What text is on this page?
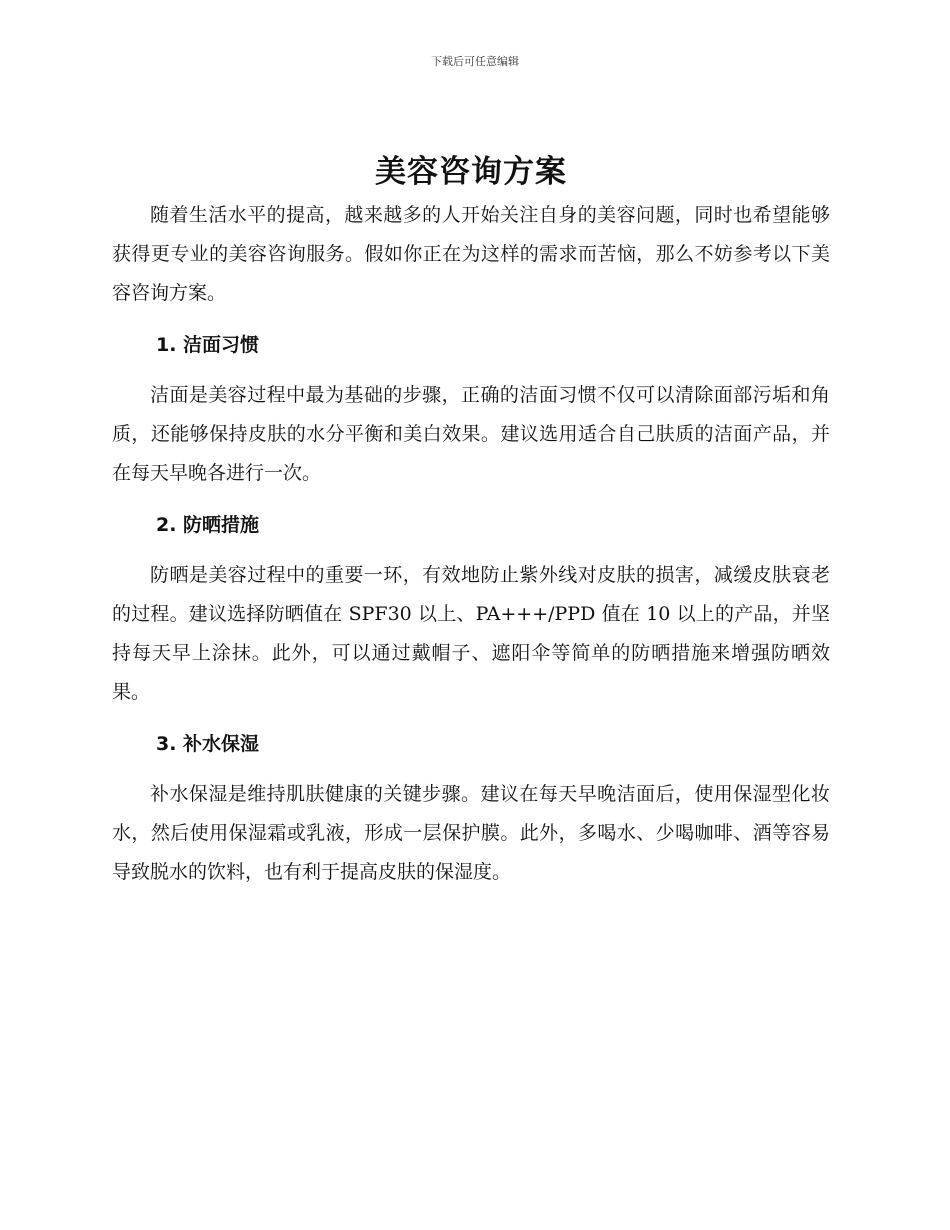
下载后可任意编辑
美容咨询方案

随着生活水平的提高，越来越多的人开始关注自身的美容问题，同时也希望能够获得更专业的美容咨询服务。假如你正在为这样的需求而苦恼，那么不妨参考以下美容咨询方案。

1. 洁面习惯

洁面是美容过程中最为基础的步骤，正确的洁面习惯不仅可以清除面部污垢和角质，还能够保持皮肤的水分平衡和美白效果。建议选用适合自己肤质的洁面产品，并在每天早晚各进行一次。

2. 防晒措施

防晒是美容过程中的重要一环，有效地防止紫外线对皮肤的损害，减缓皮肤衰老的过程。建议选择防晒值在 SPF30 以上、PA+++/PPD 值在 10 以上的产品，并坚持每天早上涂抹。此外，可以通过戴帽子、遮阳伞等简单的防晒措施来增强防晒效果。

3. 补水保湿

补水保湿是维持肌肤健康的关键步骤。建议在每天早晚洁面后，使用保湿型化妆水，然后使用保湿霜或乳液，形成一层保护膜。此外，多喝水、少喝咖啡、酒等容易导致脱水的饮料，也有利于提高皮肤的保湿度。
